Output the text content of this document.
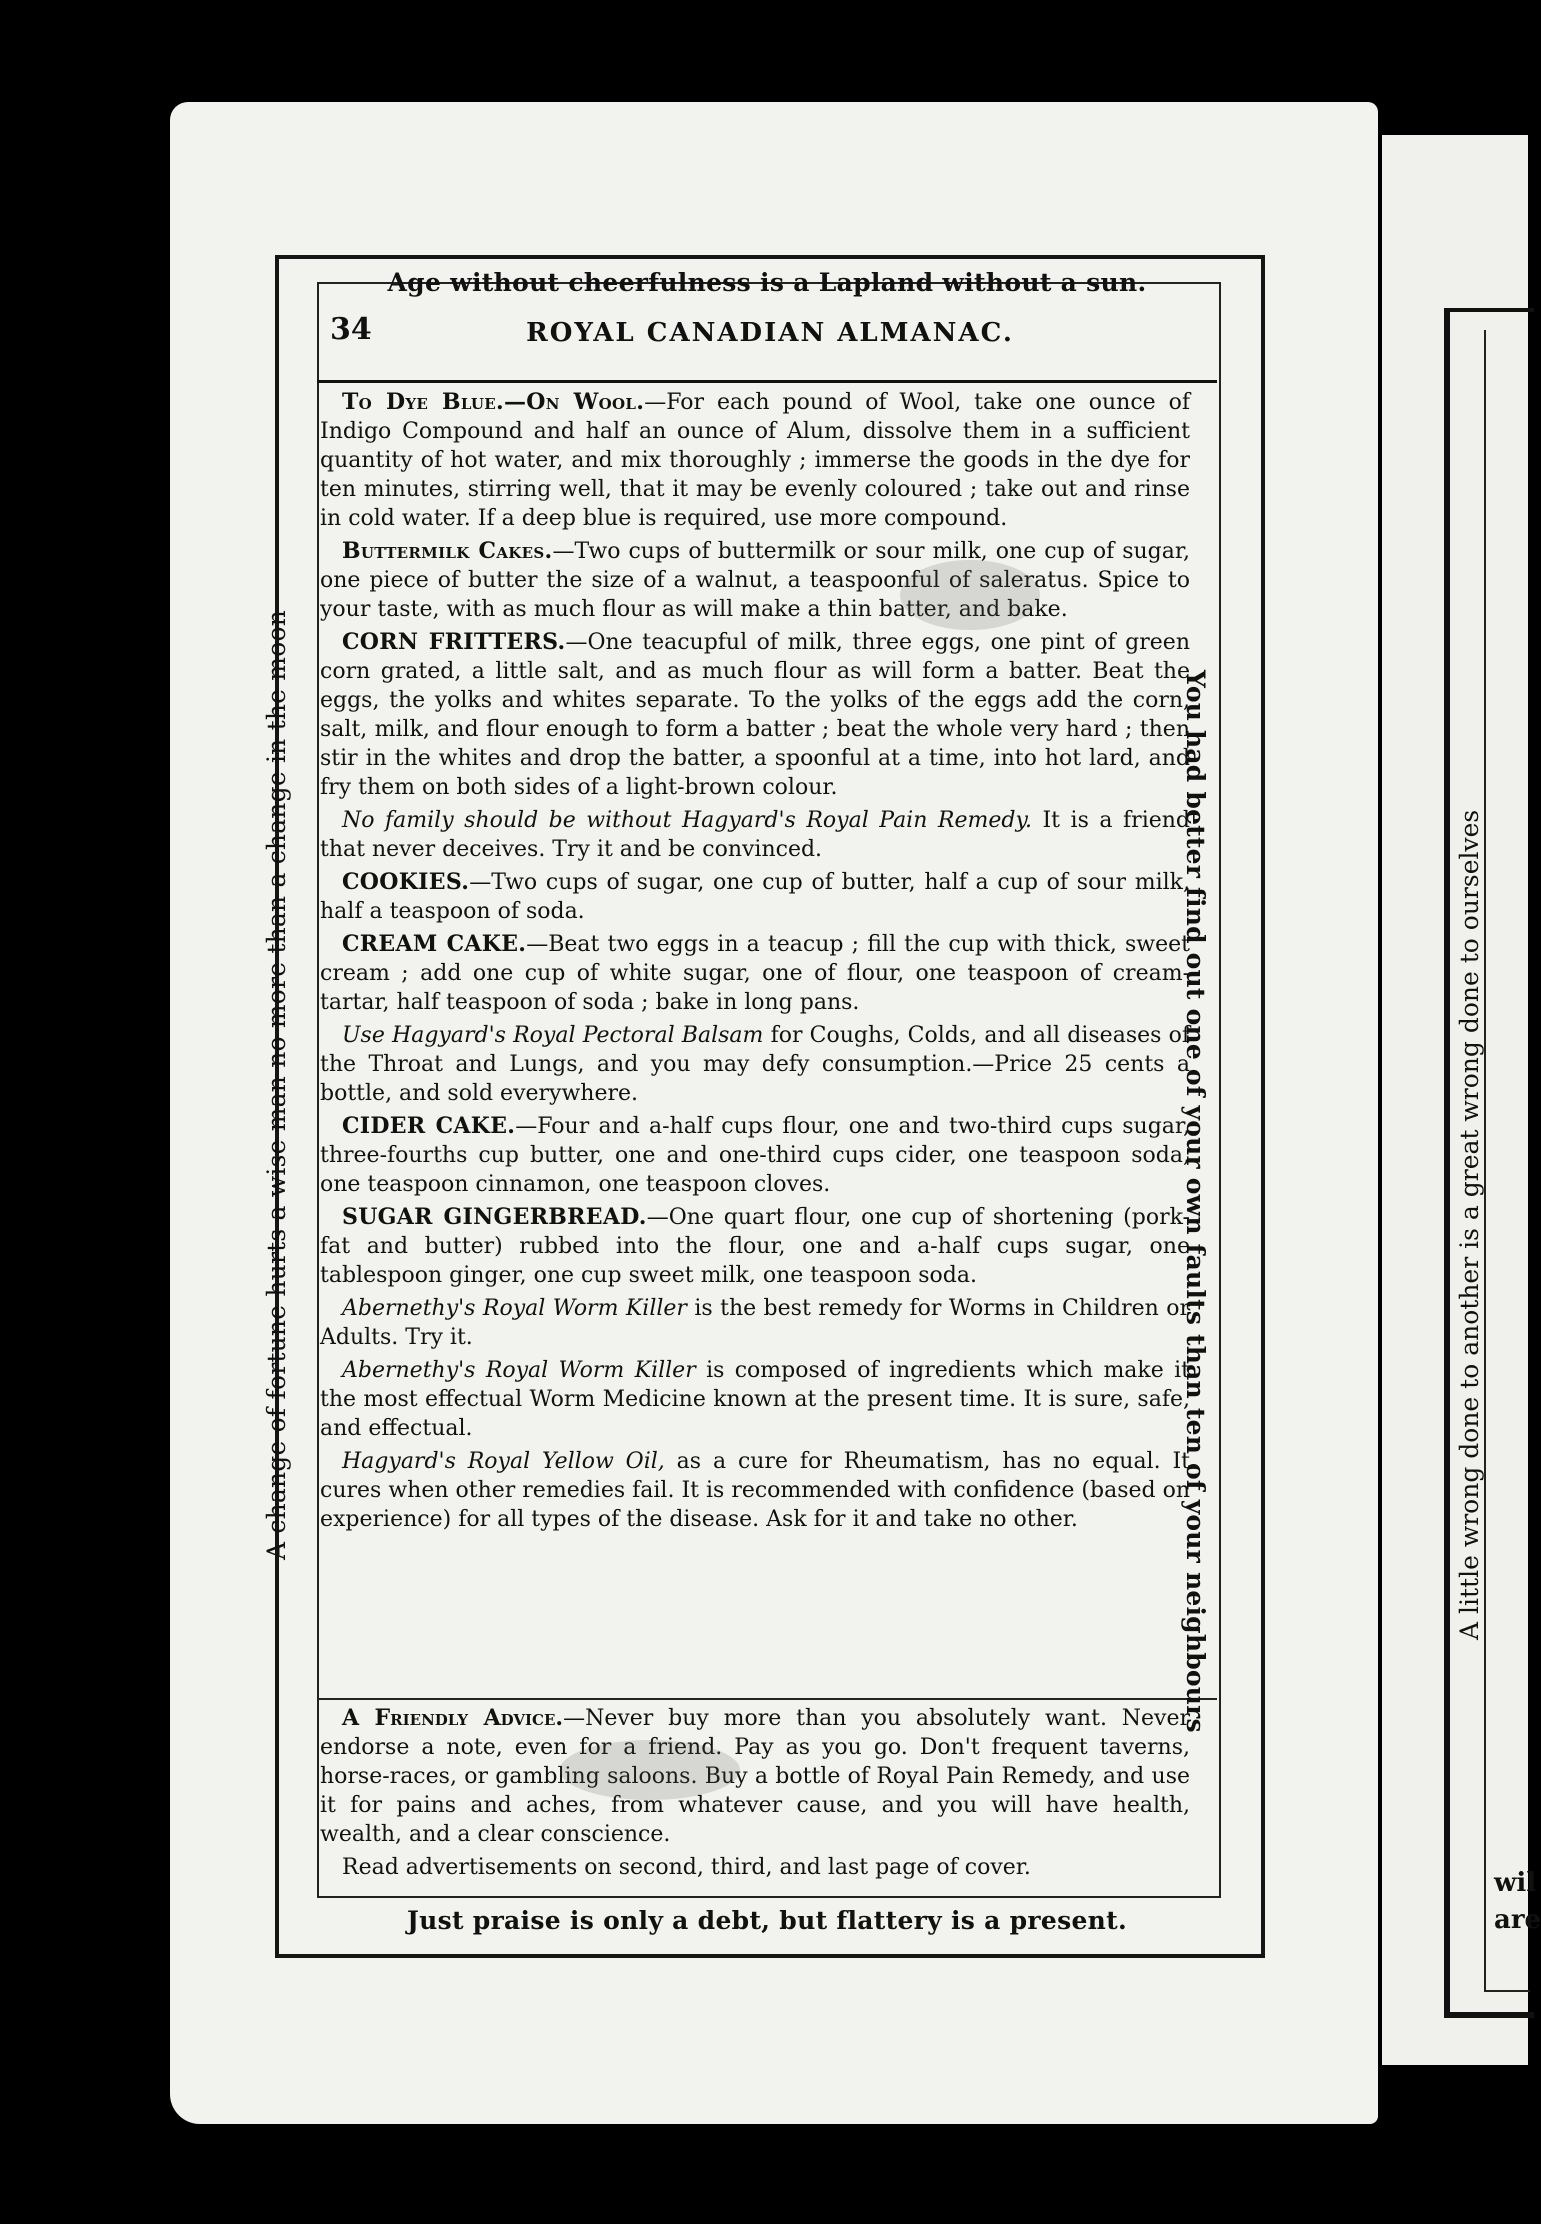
A little wrong done to another is a great wrong done to ourselves
wil
are
Age without cheerfulness is a Lapland without a sun.
34	ROYAL CANADIAN ALMANAC.
A change of fortune hurts a wise man no more than a change in the moon	You had better find out one of your own faults than ten of your neighbours

To Dye Blue.—On Wool.—For each pound of Wool, take one ounce of Indigo Compound and half an ounce of Alum, dissolve them in a sufficient quantity of hot water, and mix thoroughly ; immerse the goods in the dye for ten minutes, stirring well, that it may be evenly coloured ; take out and rinse in cold water. If a deep blue is required, use more compound.

Buttermilk Cakes.—Two cups of buttermilk or sour milk, one cup of sugar, one piece of butter the size of a walnut, a teaspoonful of saleratus. Spice to your taste, with as much flour as will make a thin batter, and bake.

CORN FRITTERS.—One teacupful of milk, three eggs, one pint of green corn grated, a little salt, and as much flour as will form a batter. Beat the eggs, the yolks and whites separate. To the yolks of the eggs add the corn, salt, milk, and flour enough to form a batter ; beat the whole very hard ; then stir in the whites and drop the batter, a spoonful at a time, into hot lard, and fry them on both sides of a light-brown colour.

No family should be without Hagyard's Royal Pain Remedy. It is a friend that never deceives. Try it and be convinced.

COOKIES.—Two cups of sugar, one cup of butter, half a cup of sour milk, half a teaspoon of soda.

CREAM CAKE.—Beat two eggs in a teacup ; fill the cup with thick, sweet cream ; add one cup of white sugar, one of flour, one teaspoon of cream-tartar, half teaspoon of soda ; bake in long pans.

Use Hagyard's Royal Pectoral Balsam for Coughs, Colds, and all diseases of the Throat and Lungs, and you may defy consumption.—Price 25 cents a bottle, and sold everywhere.

CIDER CAKE.—Four and a-half cups flour, one and two-third cups sugar, three-fourths cup butter, one and one-third cups cider, one teaspoon soda, one teaspoon cinnamon, one teaspoon cloves.

SUGAR GINGERBREAD.—One quart flour, one cup of shortening (pork-fat and butter) rubbed into the flour, one and a-half cups sugar, one tablespoon ginger, one cup sweet milk, one teaspoon soda.

Abernethy's Royal Worm Killer is the best remedy for Worms in Children or Adults. Try it.

Abernethy's Royal Worm Killer is composed of ingredients which make it the most effectual Worm Medicine known at the present time. It is sure, safe, and effectual.

Hagyard's Royal Yellow Oil, as a cure for Rheumatism, has no equal. It cures when other remedies fail. It is recommended with confidence (based on experience) for all types of the disease. Ask for it and take no other.

A Friendly Advice.—Never buy more than you absolutely want. Never endorse a note, even for a friend. Pay as you go. Don't frequent taverns, horse-races, or gambling saloons. Buy a bottle of Royal Pain Remedy, and use it for pains and aches, from whatever cause, and you will have health, wealth, and a clear conscience.

Read advertisements on second, third, and last page of cover.

Just praise is only a debt, but flattery is a present.
